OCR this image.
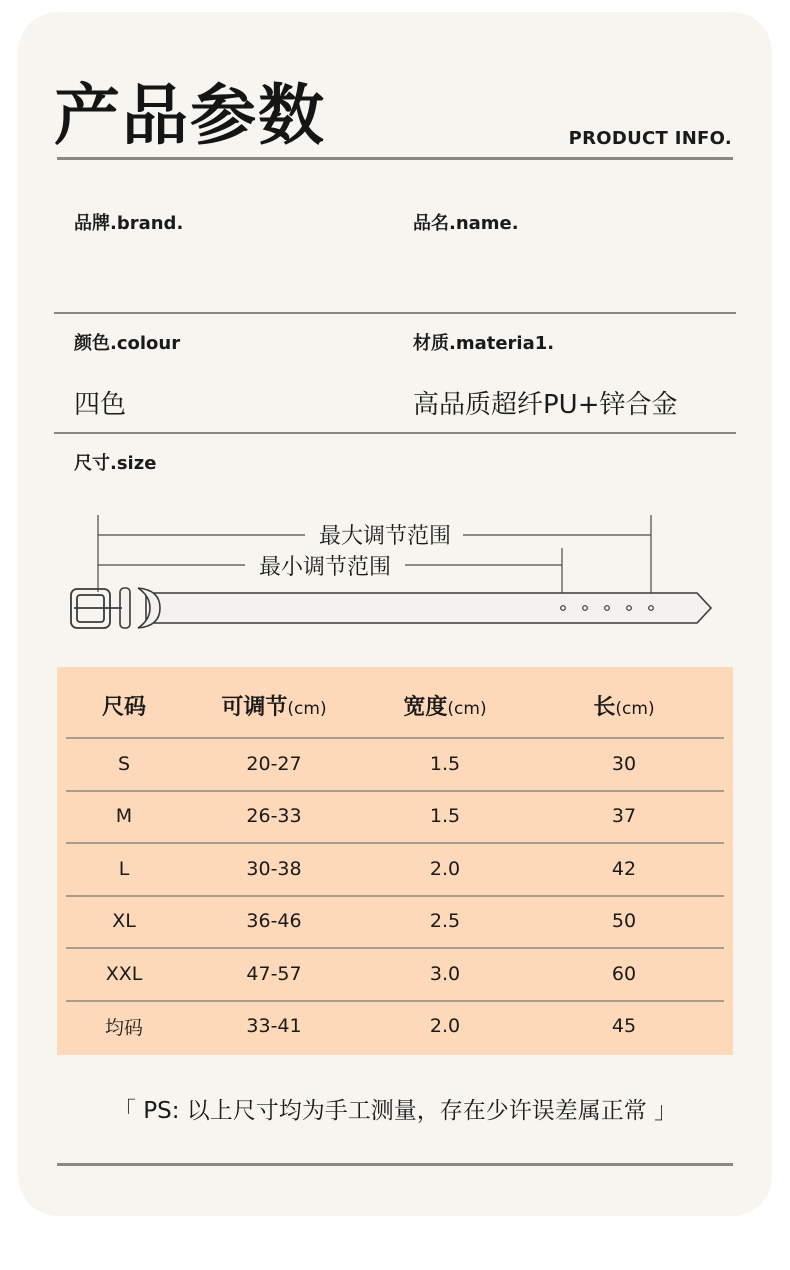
产品参数	PRODUCT INFO.
品牌.brand.	品名.name.
颜色.colour
四色
材质.materia1.
高品质超纤PU+锌合金
尺寸.size
最大调节范围
最小调节范围
尺码	可调节(cm)	宽度(cm)	长(cm)
S	20-27	1.5	30
M	26-33	1.5	37
L	30-38	2.0	42
XL	36-46	2.5	50
XXL	47-57	3.0	60
均码	33-41	2.0	45
「 PS: 以上尺寸均为手工测量，存在少许误差属正常 」
